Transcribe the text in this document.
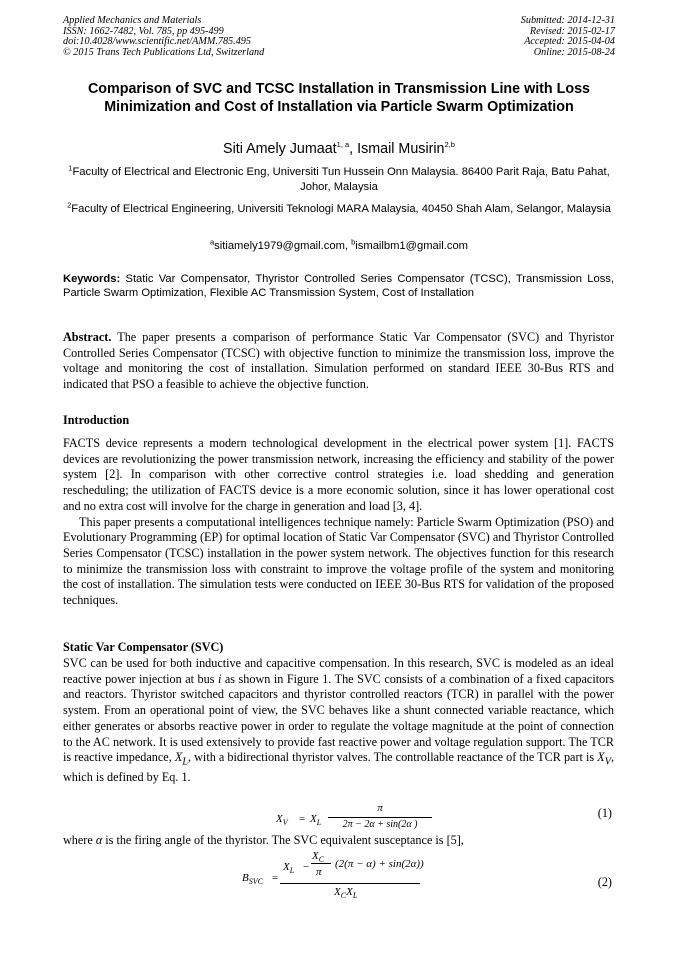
Applied Mechanics and Materials
ISSN: 1662-7482, Vol. 785, pp 495-499
doi:10.4028/www.scientific.net/AMM.785.495
© 2015 Trans Tech Publications Ltd, Switzerland
Submitted: 2014-12-31
Revised: 2015-02-17
Accepted: 2015-04-04
Online: 2015-08-24
Comparison of SVC and TCSC Installation in Transmission Line with Loss Minimization and Cost of Installation via Particle Swarm Optimization
Siti Amely Jumaat$^{1, a}$, Ismail Musirin$^{2,b}$
$^1$Faculty of Electrical and Electronic Eng, Universiti Tun Hussein Onn Malaysia. 86400 Parit Raja, Batu Pahat, Johor, Malaysia
$^2$Faculty of Electrical Engineering, Universiti Teknologi MARA Malaysia, 40450 Shah Alam, Selangor, Malaysia
$^a$sitiamely1979@gmail.com, $^b$ismailbm1@gmail.com
Keywords: Static Var Compensator, Thyristor Controlled Series Compensator (TCSC), Transmission Loss, Particle Swarm Optimization, Flexible AC Transmission System, Cost of Installation

Abstract. The paper presents a comparison of performance Static Var Compensator (SVC) and Thyristor Controlled Series Compensator (TCSC) with objective function to minimize the transmission loss, improve the voltage and monitoring the cost of installation. Simulation performed on standard IEEE 30-Bus RTS and indicated that PSO a feasible to achieve the objective function.

Introduction

FACTS device represents a modern technological development in the electrical power system [1]. FACTS devices are revolutionizing the power transmission network, increasing the efficiency and stability of the power system [2]. In comparison with other corrective control strategies i.e. load shedding and generation rescheduling; the utilization of FACTS device is a more economic solution, since it has lower operational cost and no extra cost will involve for the charge in generation and load [3, 4].

This paper presents a computational intelligences technique namely: Particle Swarm Optimization (PSO) and Evolutionary Programming (EP) for optimal location of Static Var Compensator (SVC) and Thyristor Controlled Series Compensator (TCSC) installation in the power system network. The objectives function for this research to minimize the transmission loss with constraint to improve the voltage profile of the system and monitoring the cost of installation. The simulation tests were conducted on IEEE 30-Bus RTS for validation of the proposed techniques.

Static Var Compensator (SVC)

SVC can be used for both inductive and capacitive compensation. In this research, SVC is modeled as an ideal reactive power injection at bus i as shown in Figure 1. The SVC consists of a combination of a fixed capacitors and reactors. Thyristor switched capacitors and thyristor controlled reactors (TCR) in parallel with the power system. From an operational point of view, the SVC behaves like a shunt connected variable reactance, which either generates or absorbs reactive power in order to regulate the voltage magnitude at the point of connection to the AC network. It is used extensively to provide fast reactive power and voltage regulation support. The TCR is reactive impedance, $X_L$, with a bidirectional thyristor valves. The controllable reactance of the TCR part is $X_V$, which is defined by Eq. 1.

$X_V = X_L$
π
2π − 2α + sin(2α )
(1)

where α is the firing angle of the thyristor. The SVC equivalent susceptance is [5],

$B_{SVC}$ =
$X_L$ −
$X_C$
π
(2(π − α) + sin(2α))
$X_CX_L$
(2)
